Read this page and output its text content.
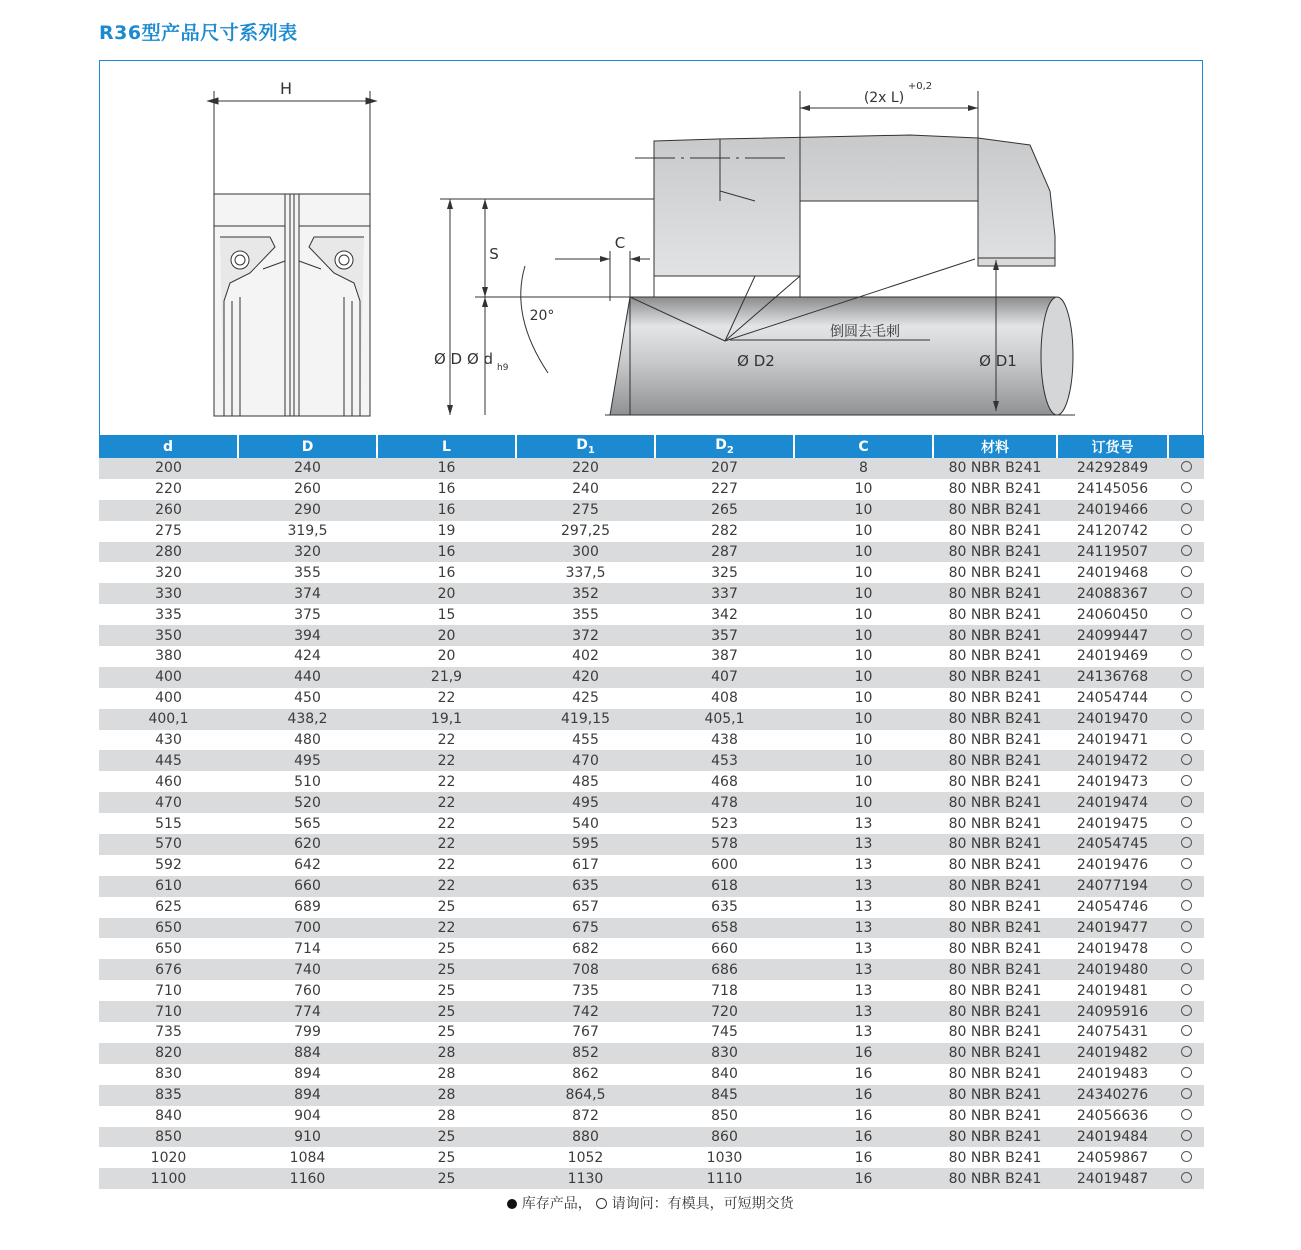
R36型产品尺寸系列表
H	(2x L)
+0,2
C
S
20°
Ø D Ø d h9	Ø D2	Ø D1
倒圆去毛刺
d	D	L	$D_1$	$D_2$	C	材料	订货号	
200	240	16	220	207	8	80 NBR B241	24292849	
220	260	16	240	227	10	80 NBR B241	24145056	
260	290	16	275	265	10	80 NBR B241	24019466	
275	319,5	19	297,25	282	10	80 NBR B241	24120742	
280	320	16	300	287	10	80 NBR B241	24119507	
320	355	16	337,5	325	10	80 NBR B241	24019468	
330	374	20	352	337	10	80 NBR B241	24088367	
335	375	15	355	342	10	80 NBR B241	24060450	
350	394	20	372	357	10	80 NBR B241	24099447	
380	424	20	402	387	10	80 NBR B241	24019469	
400	440	21,9	420	407	10	80 NBR B241	24136768	
400	450	22	425	408	10	80 NBR B241	24054744	
400,1	438,2	19,1	419,15	405,1	10	80 NBR B241	24019470	
430	480	22	455	438	10	80 NBR B241	24019471	
445	495	22	470	453	10	80 NBR B241	24019472	
460	510	22	485	468	10	80 NBR B241	24019473	
470	520	22	495	478	10	80 NBR B241	24019474	
515	565	22	540	523	13	80 NBR B241	24019475	
570	620	22	595	578	13	80 NBR B241	24054745	
592	642	22	617	600	13	80 NBR B241	24019476	
610	660	22	635	618	13	80 NBR B241	24077194	
625	689	25	657	635	13	80 NBR B241	24054746	
650	700	22	675	658	13	80 NBR B241	24019477	
650	714	25	682	660	13	80 NBR B241	24019478	
676	740	25	708	686	13	80 NBR B241	24019480	
710	760	25	735	718	13	80 NBR B241	24019481	
710	774	25	742	720	13	80 NBR B241	24095916	
735	799	25	767	745	13	80 NBR B241	24075431	
820	884	28	852	830	16	80 NBR B241	24019482	
830	894	28	862	840	16	80 NBR B241	24019483	
835	894	28	864,5	845	16	80 NBR B241	24340276	
840	904	28	872	850	16	80 NBR B241	24056636	
850	910	25	880	860	16	80 NBR B241	24019484	
1020	1084	25	1052	1030	16	80 NBR B241	24059867	
1100	1160	25	1130	1110	16	80 NBR B241	24019487	
库存产品， 请询问：有模具，可短期交货
